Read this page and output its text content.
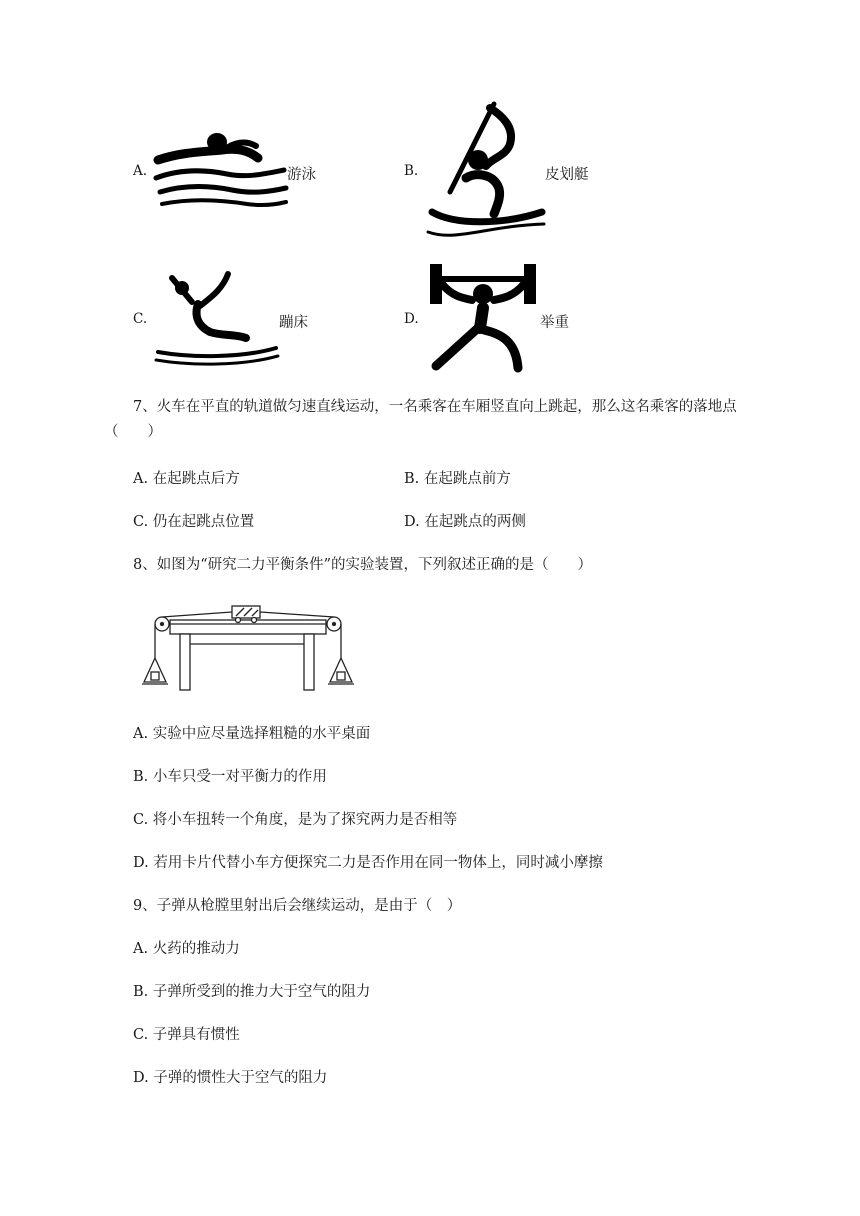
A.	游泳	B.	皮划艇
C.	蹦床	D.	举重
7、火车在平直的轨道做匀速直线运动，一名乘客在车厢竖直向上跳起，那么这名乘客的落地点
（　　）
A. 在起跳点后方	B. 在起跳点前方
C. 仍在起跳点位置	D. 在起跳点的两侧
8、如图为“研究二力平衡条件”的实验装置，下列叙述正确的是（　　）
A. 实验中应尽量选择粗糙的水平桌面
B. 小车只受一对平衡力的作用
C. 将小车扭转一个角度，是为了探究两力是否相等
D. 若用卡片代替小车方便探究二力是否作用在同一物体上，同时减小摩擦
9、子弹从枪膛里射出后会继续运动，是由于（　）
A. 火药的推动力
B. 子弹所受到的推力大于空气的阻力
C. 子弹具有惯性
D. 子弹的惯性大于空气的阻力
